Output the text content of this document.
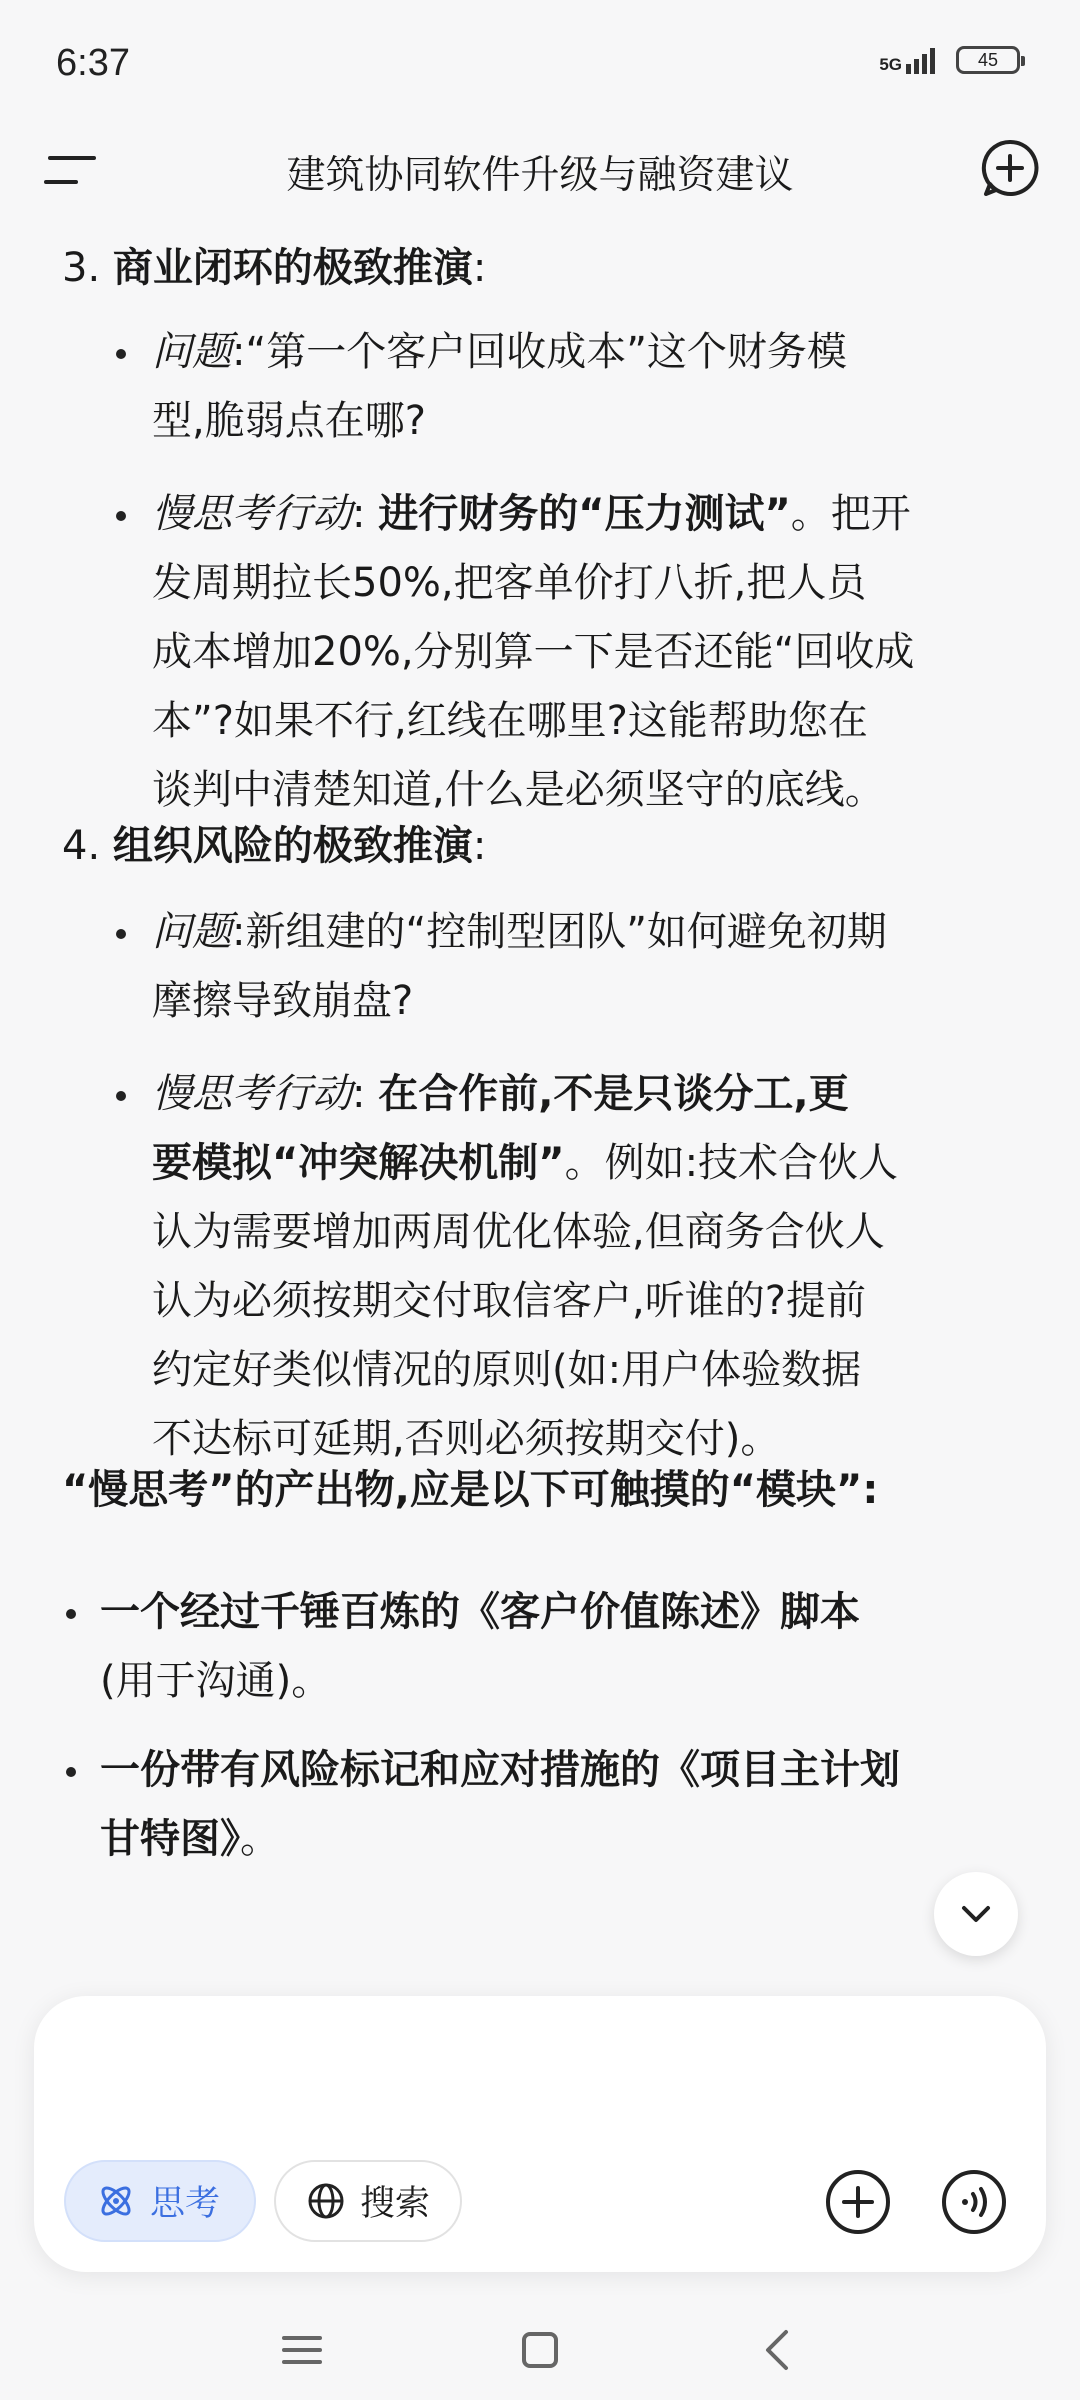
6:37	5G	45
建筑协同软件升级与融资建议
3. 商业闭环的极致推演:
问题:“第一个客户回收成本”这个财务模
型,脆弱点在哪?
慢思考行动: 进行财务的“压力测试”。把开
发周期拉长50%,把客单价打八折,把人员
成本增加20%,分别算一下是否还能“回收成
本”?如果不行,红线在哪里?这能帮助您在
谈判中清楚知道,什么是必须坚守的底线。
4. 组织风险的极致推演:
问题:新组建的“控制型团队”如何避免初期
摩擦导致崩盘?
慢思考行动: 在合作前,不是只谈分工,更
要模拟“冲突解决机制”。例如:技术合伙人
认为需要增加两周优化体验,但商务合伙人
认为必须按期交付取信客户,听谁的?提前
约定好类似情况的原则(如:用户体验数据
不达标可延期,否则必须按期交付)。
“慢思考”的产出物,应是以下可触摸的“模块”:
一个经过千锤百炼的《客户价值陈述》脚本
(用于沟通)。
一份带有风险标记和应对措施的《项目主计划
甘特图》。
思考	搜索
